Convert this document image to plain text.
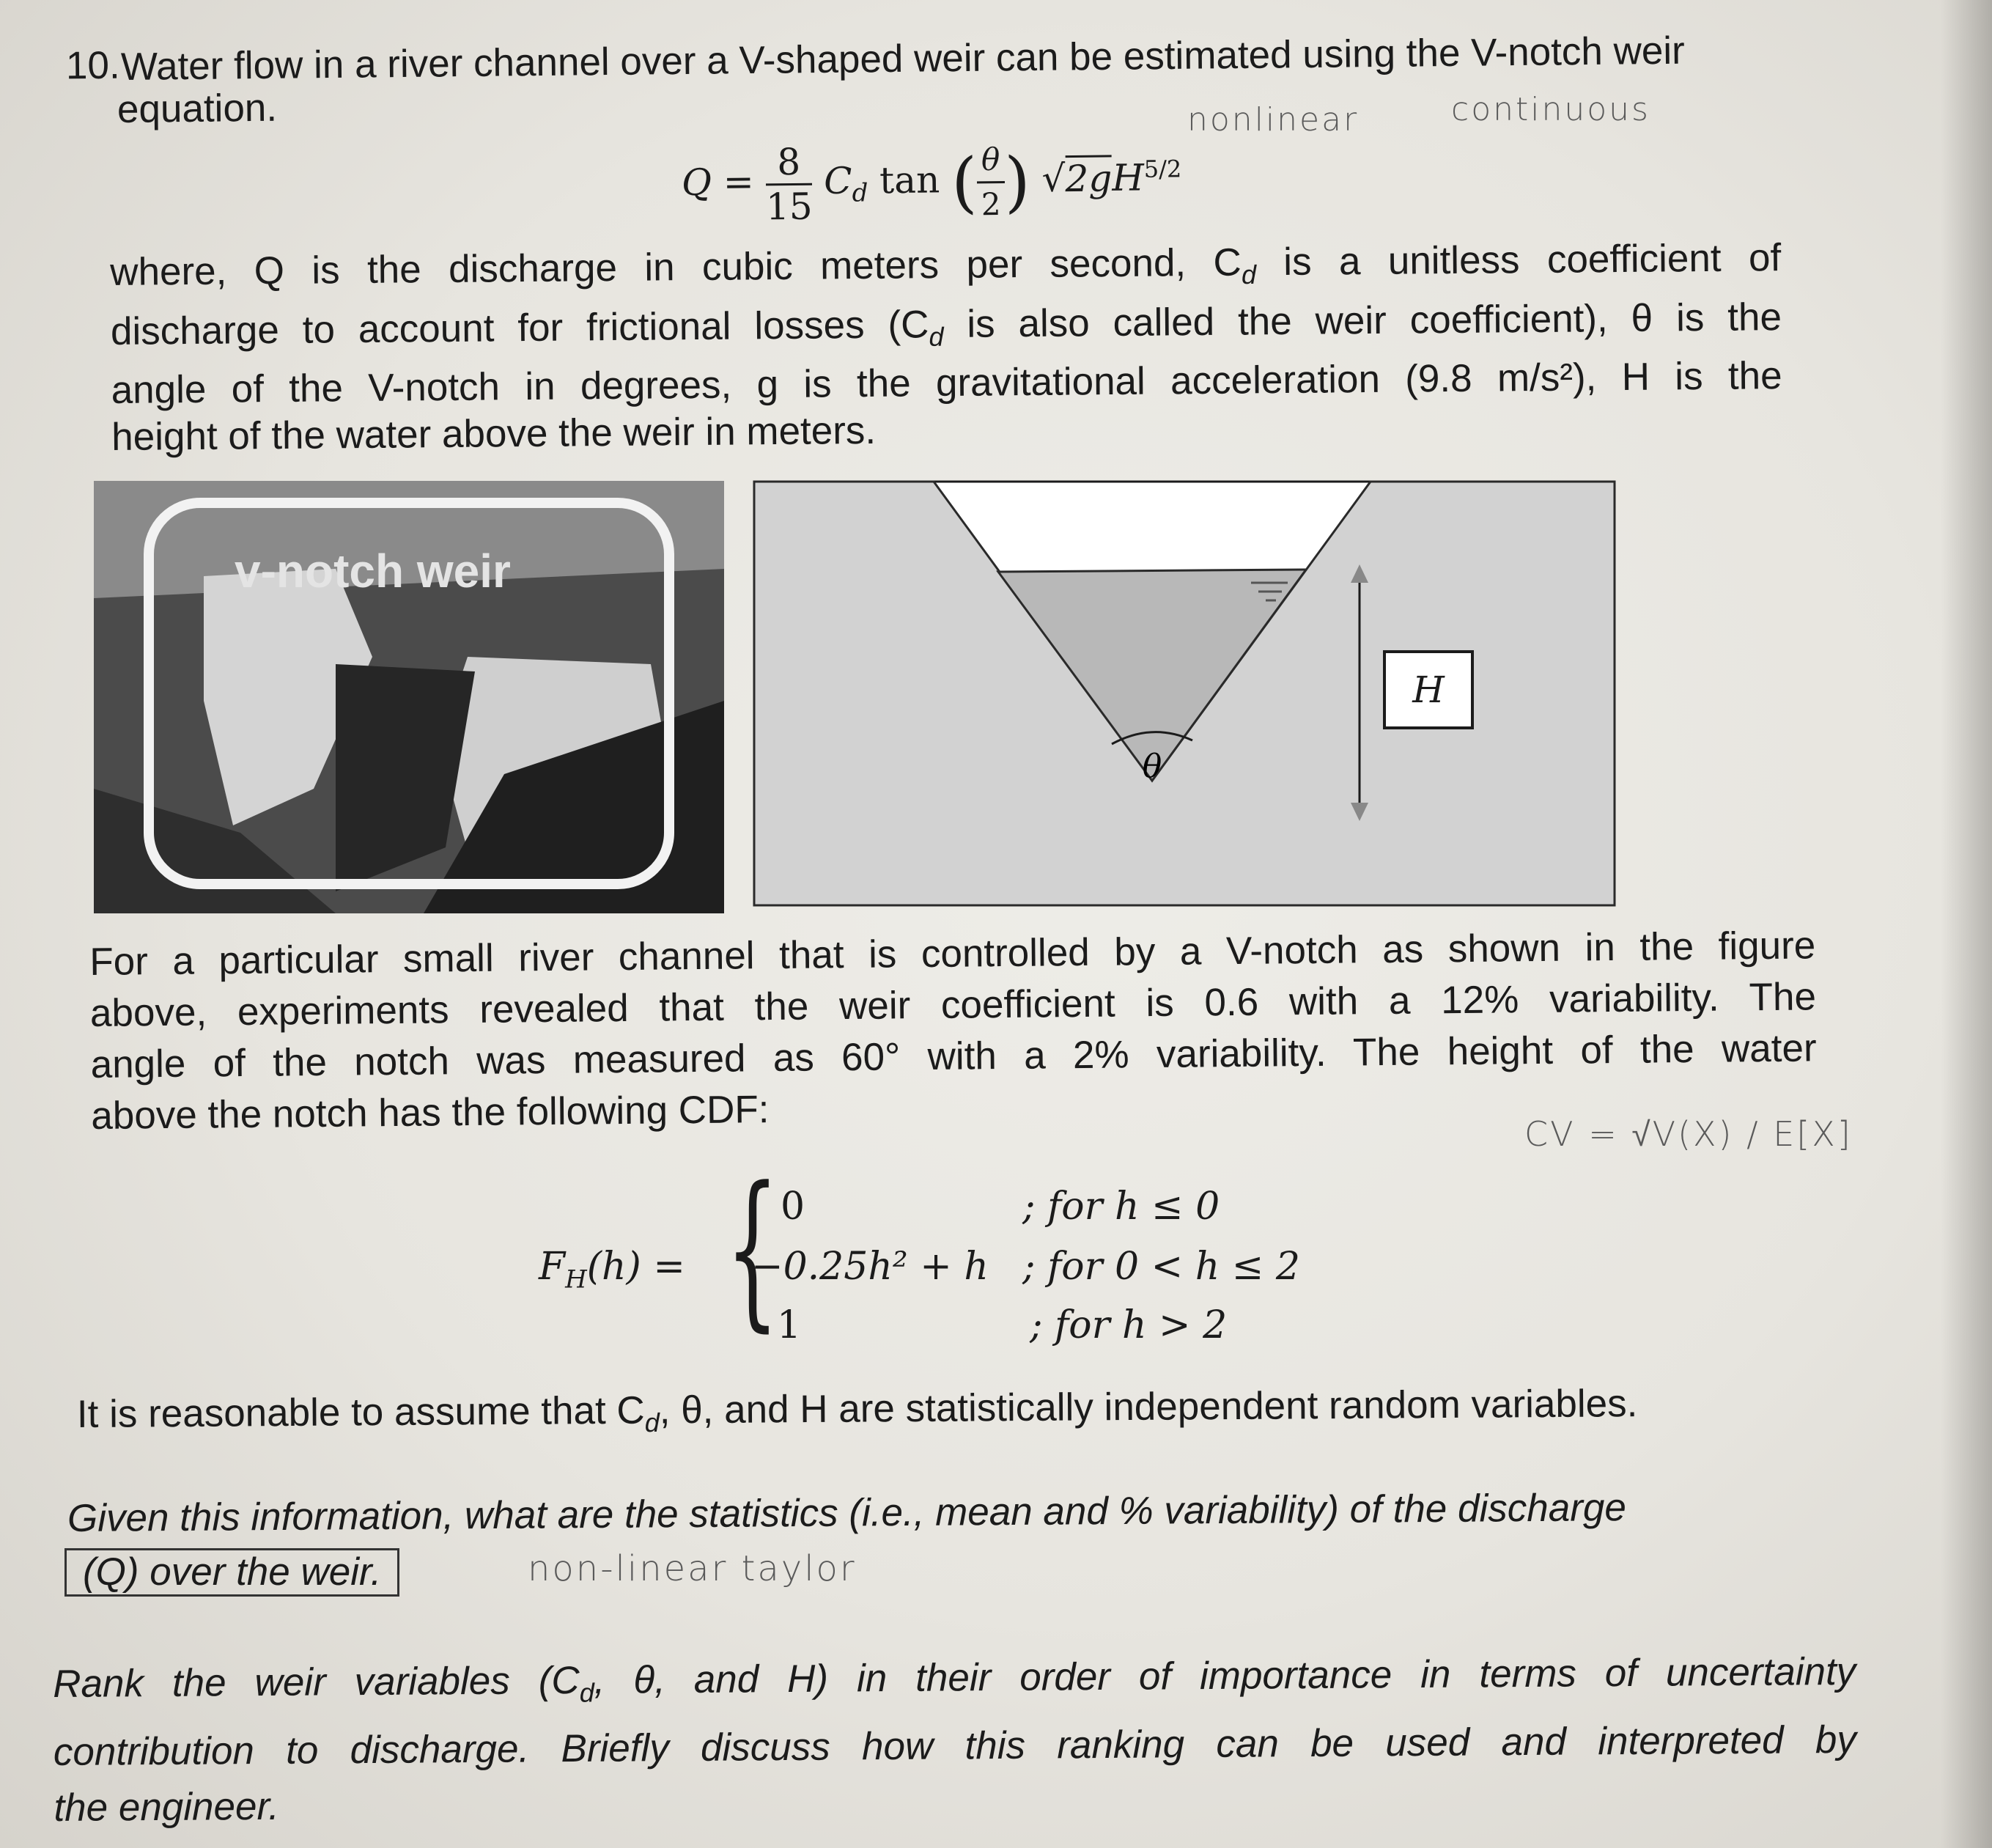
10. Water flow in a river channel over a V-shaped weir can be estimated using the V-notch weir
equation.	nonlinear	continuous
$Q = \frac{8}{15} C_d$ tan (
$\frac{\theta}{2}$
) $√2gH^{5/2}$
where, Q is the discharge in cubic meters per second, $C_d$ is a unitless coefficient of
discharge to account for frictional losses ($C_d$ is also called the weir coefficient), θ is the
angle of the V-notch in degrees, g is the gravitational acceleration (9.8 m/s²), H is the
height of the water above the weir in meters.
v-notch weir
θ
H
For a particular small river channel that is controlled by a V-notch as shown in the figure
above, experiments revealed that the weir coefficient is 0.6 with a 12% variability. The
angle of the notch was measured as 60° with a 2% variability. The height of the water
above the notch has the following CDF:	CV = √V(X) / E[X]
$F_H(h)$ = { 0	; for h ≤ 0
−0.25h² + h ; for 0 < h ≤ 2
1	; for h > 2
It is reasonable to assume that $C_d$, θ, and H are statistically independent random variables.
Given this information, what are the statistics (i.e., mean and % variability) of the discharge
(Q) over the weir.	non-linear taylor
Rank the weir variables ($C_d$, θ, and H) in their order of importance in terms of uncertainty
contribution to discharge. Briefly discuss how this ranking can be used and interpreted by
the engineer.
